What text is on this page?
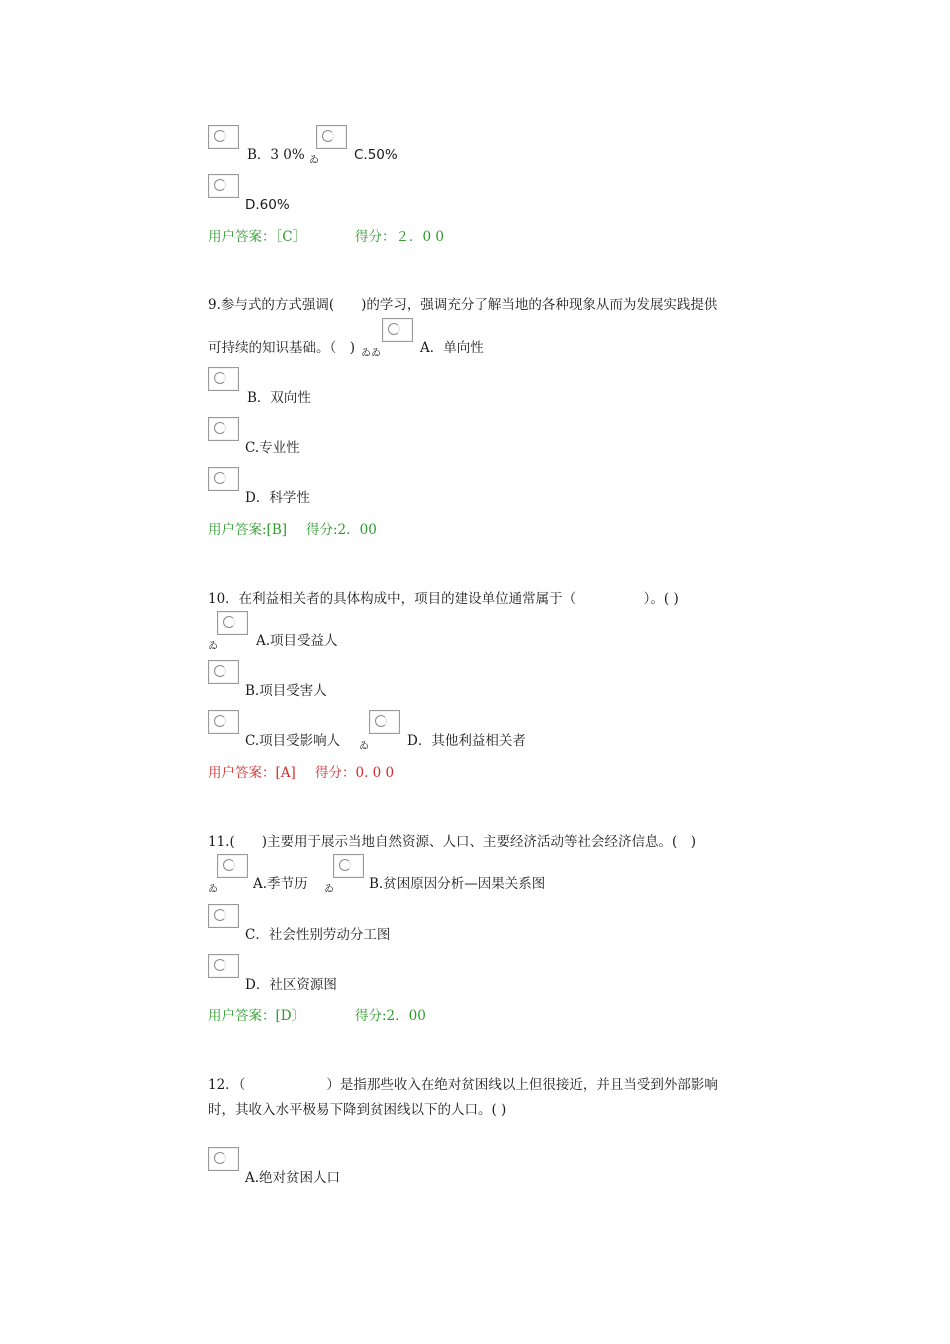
B．3 0% ゐ	C.50%
D.60%
用户答案：［C］	得分：２．0 0
9.参与式的方式强调(　　)的学习，强调充分了解当地的各种现象从而为发展实践提供
可持续的知识基础。（　) ゐゐ	A．单向性
B．双向性
C.专业性
D．科学性
用户答案:[B] 得分:2．00
10．在利益相关者的具体构成中，项目的建设单位通常属于（　　　　　）。( )
ゐ	A.项目受益人
B.项目受害人
C.项目受影响人 ゐ	D．其他利益相关者
用户答案：[A] 得分：0. 0 0
11.(　　)主要用于展示当地自然资源、人口、主要经济活动等社会经济信息。(　)
ゐ	A.季节历 ゐ	B.贫困原因分析—因果关系图
C．社会性别劳动分工图
D．社区资源图
用户答案：[D〕	得分:2．00
12．（　　　　　　）是指那些收入在绝对贫困线以上但很接近，并且当受到外部影响
时，其收入水平极易下降到贫困线以下的人口。( )
A.绝对贫困人口
